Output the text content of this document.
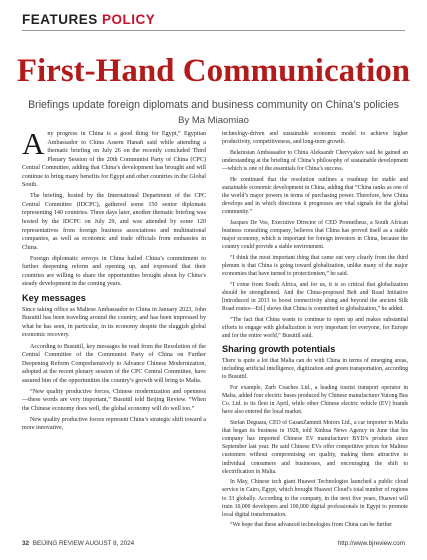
FEATURES POLICY
First-Hand Communication
Briefings update foreign diplomats and business community on China’s policies
By Ma Miaomiao

Any progress in China is a good thing for Egypt,” Egyptian Ambassador to China Assem Hanafi said while attending a thematic briefing on July 26 on the recently concluded Third Plenary Session of the 20th Communist Party of China (CPC) Central Committee, adding that China’s development has brought and will continue to bring many benefits for Egypt and other countries in the Global South.

The briefing, hosted by the International Department of the CPC Central Committee (IDCPC), gathered some 150 senior diplomats representing 140 countries. Three days later, another thematic briefing was hosted by the IDCPC on July 29, and was attended by some 120 representatives from foreign business associations and multinational companies, as well as economic and trade officials from embassies in China.

Foreign diplomatic envoys in China hailed China’s commitment to further deepening reform and opening up, and expressed that their countries are willing to share the opportunities brought about by China’s steady development in the coming years.

Key messages

Since taking office as Maltese Ambassador to China in January 2023, John Busuttil has been traveling around the country, and has been impressed by what he has seen, in particular, in its economy despite the sluggish global economic recovery.

According to Busuttil, key messages he read from the Resolution of the Central Committee of the Communist Party of China on Further Deepening Reform Comprehensively to Advance Chinese Modernization, adopted at the recent plenary session of the CPC Central Committee, have assured him of the opportunities the country’s growth will bring to Malta.

“New quality productive forces, Chinese modernization and openness—these words are very important,” Busuttil told Beijing Review. “When the Chinese economy does well, the global economy will do well too.”

New quality productive forces represent China’s strategic shift toward a more innovative,

technology-driven and sustainable economic model to achieve higher productivity, competitiveness, and long-term growth.

Belarusian Ambassador to China Aleksandr Chervyakov said he gained an understanding at the briefing of China’s philosophy of sustainable development—which is one of the essentials for China’s success.

He continued that the resolution outlines a roadmap for stable and sustainable economic development in China, adding that “China ranks as one of the world’s major powers in terms of purchasing power. Therefore, how China develops and in which directions it progresses are vital signals for the global community.”

Jacques De Vos, Executive Director of CED Prometheus, a South African business consulting company, believes that China has proved itself as a stable major economy, which is important for foreign investors in China, because the country could provide a stable environment.

“I think the most important thing that came out very clearly from the third plenum is that China is going toward globalization, unlike many of the major economies that have turned to protectionism,” he said.

“I come from South Africa, and for us, it is so critical that globalization should be strengthened. And the China-proposed Belt and Road Initiative [introduced in 2013 to boost connectivity along and beyond the ancient Silk Road routes—Ed.] shows that China is committed to globalization,” he added.

“The fact that China wants to continue to open up and makes substantial efforts to engage with globalization is very important for everyone, for Europe and for the entire world,” Busuttil said.

Sharing growth potentials

There is quite a lot that Malta can do with China in terms of emerging areas, including artificial intelligence, digitization and green transportation, according to Busuttil.

For example, Zarb Coaches Ltd., a leading tourist transport operator in Malta, added four electric buses produced by Chinese manufacturer Yutong Bus Co. Ltd. to its fleet in April, while other Chinese electric vehicle (EV) brands have also entered the local market.

Stefan Deguara, CEO of GasanZammit Motors Ltd., a car importer in Malta that began its business in 1928, told Xinhua News Agency in June that his company has imported Chinese EV manufacturer BYD’s products since September last year. He said Chinese EVs offer competitive prices for Maltese customers without compromising on quality, making them attractive to individual consumers and businesses, and encouraging the shift to electrification in Malta.

In May, Chinese tech giant Huawei Technologies launched a public cloud service in Cairo, Egypt, which brought Huawei Cloud’s total number of regions to 33 globally. According to the company, in the next five years, Huawei will train 10,000 developers and 100,000 digital professionals in Egypt to promote local digital transformation.

“We hope that these advanced technologies from China can be further

32 BEIJING REVIEW AUGUST 8, 2024	http://www.bjreview.com
